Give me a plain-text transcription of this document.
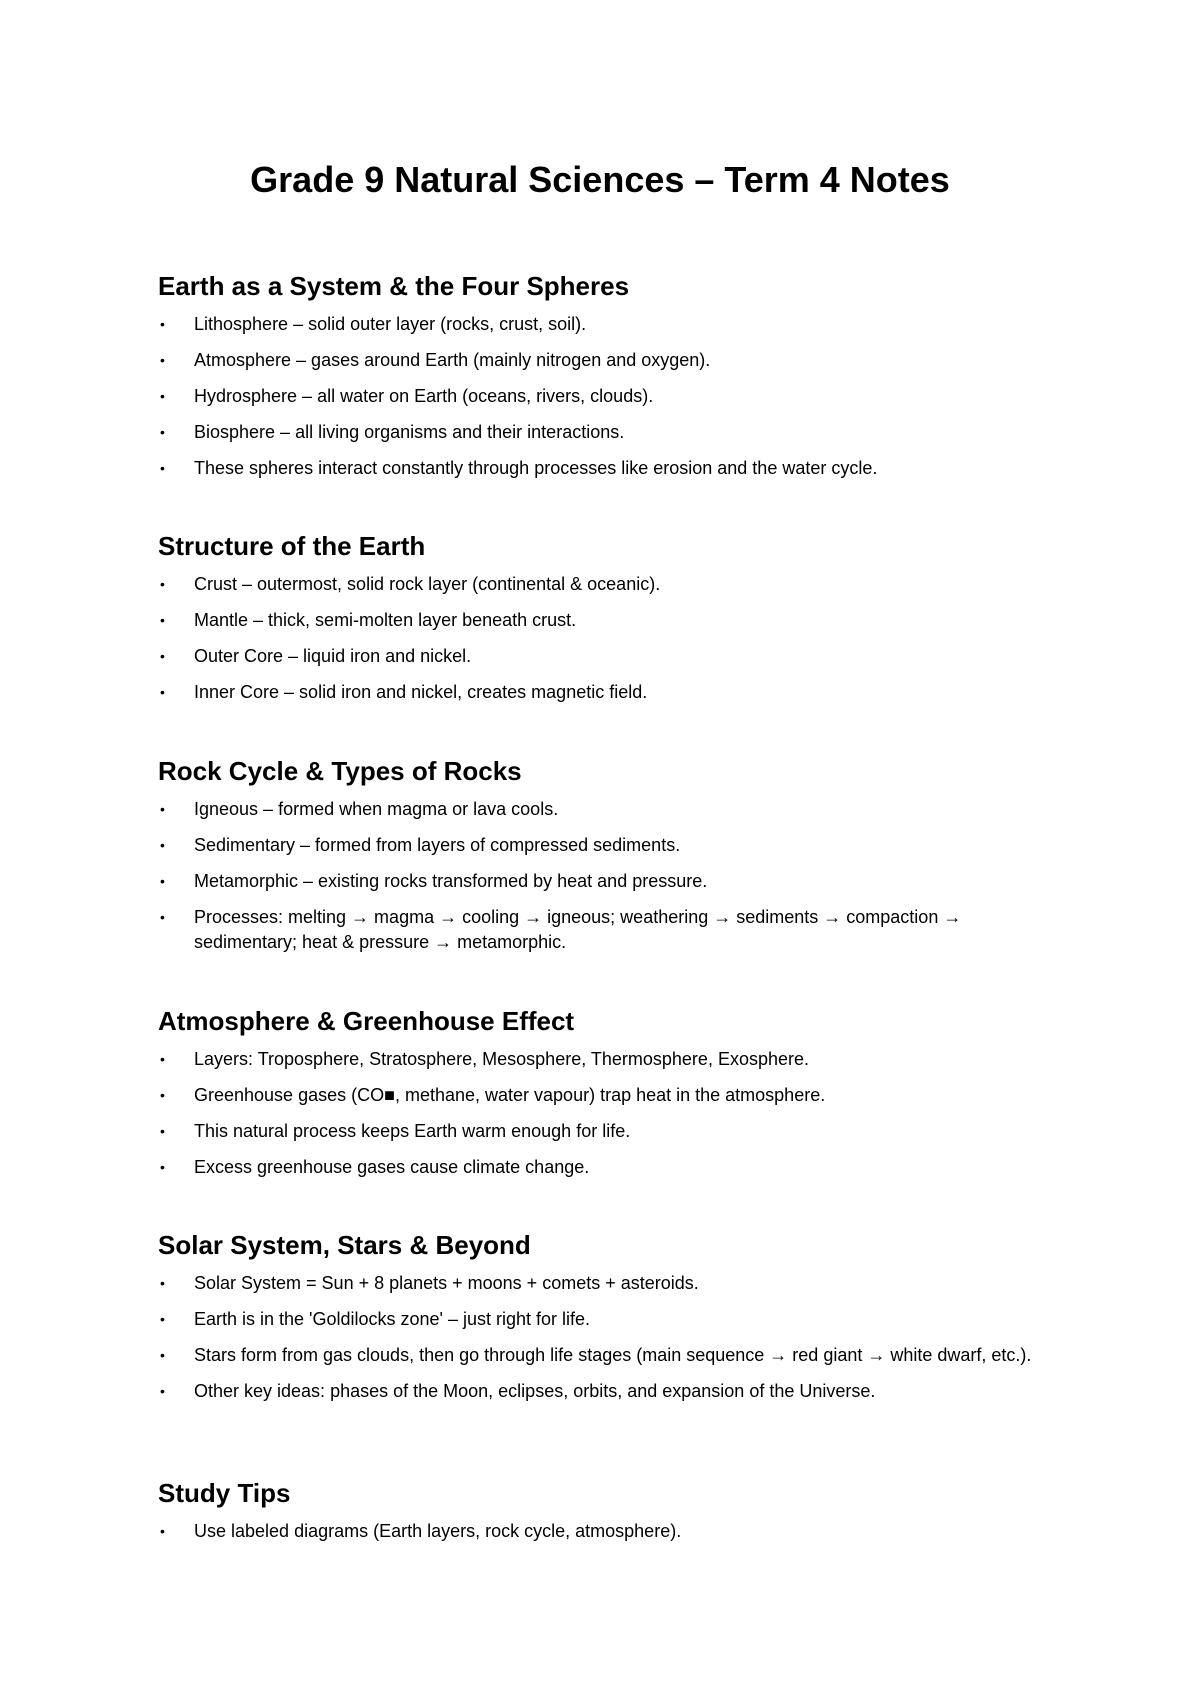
Grade 9 Natural Sciences – Term 4 Notes
Earth as a System & the Four Spheres
• Lithosphere – solid outer layer (rocks, crust, soil).
• Atmosphere – gases around Earth (mainly nitrogen and oxygen).
• Hydrosphere – all water on Earth (oceans, rivers, clouds).
• Biosphere – all living organisms and their interactions.
• These spheres interact constantly through processes like erosion and the water cycle.
Structure of the Earth
• Crust – outermost, solid rock layer (continental & oceanic).
• Mantle – thick, semi-molten layer beneath crust.
• Outer Core – liquid iron and nickel.
• Inner Core – solid iron and nickel, creates magnetic field.
Rock Cycle & Types of Rocks
• Igneous – formed when magma or lava cools.
• Sedimentary – formed from layers of compressed sediments.
• Metamorphic – existing rocks transformed by heat and pressure.
• Processes: melting → magma → cooling → igneous; weathering → sediments → compaction → sedimentary; heat & pressure → metamorphic.
Atmosphere & Greenhouse Effect
• Layers: Troposphere, Stratosphere, Mesosphere, Thermosphere, Exosphere.
• Greenhouse gases (CO■, methane, water vapour) trap heat in the atmosphere.
• This natural process keeps Earth warm enough for life.
• Excess greenhouse gases cause climate change.
Solar System, Stars & Beyond
• Solar System = Sun + 8 planets + moons + comets + asteroids.
• Earth is in the 'Goldilocks zone' – just right for life.
• Stars form from gas clouds, then go through life stages (main sequence → red giant → white dwarf, etc.).
• Other key ideas: phases of the Moon, eclipses, orbits, and expansion of the Universe.
Study Tips
• Use labeled diagrams (Earth layers, rock cycle, atmosphere).
